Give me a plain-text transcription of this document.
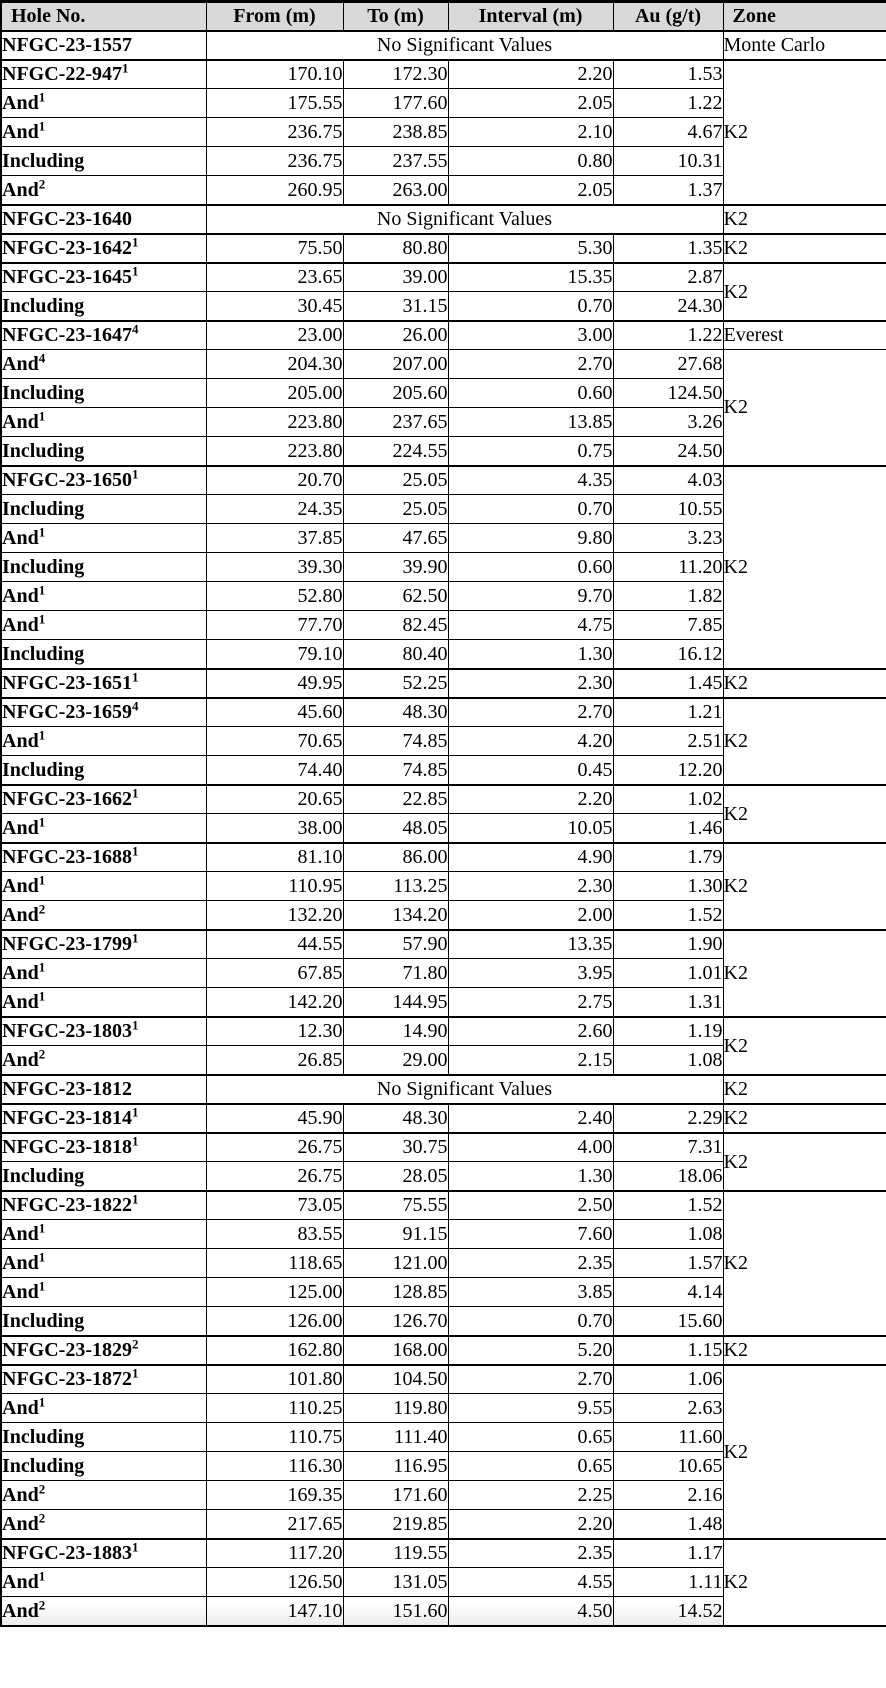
Hole No.	From (m)	To (m)	Interval (m)	Au (g/t)	Zone
NFGC-23-1557	No Significant Values				Monte Carlo
NFGC-$22-947^1$	170.10	172.30	2.20	1.53	K2
And$^1$	175.55	177.60	2.05	1.22	
And$^1$	236.75	238.85	2.10	4.67	
Including	236.75	237.55	0.80	10.31	
And$^2$	260.95	263.00	2.05	1.37	
NFGC-23-1640	No Significant Values				K2
NFGC-23-1642$^1$	75.50	80.80	5.30	1.35	K2
NFGC-23-1645$^1$	23.65	39.00	15.35	2.87	K2
Including	30.45	31.15	0.70	24.30	
NFGC-23-1647$^4$	23.00	26.00	3.00	1.22	Everest
And$^4$	204.30	207.00	2.70	27.68	K2
Including	205.00	205.60	0.60	124.50	
And$^1$	223.80	237.65	13.85	3.26	
Including	223.80	224.55	0.75	24.50	
NFGC-23-1650$^1$	20.70	25.05	4.35	4.03	K2
Including	24.35	25.05	0.70	10.55	
And$^1$	37.85	47.65	9.80	3.23	
Including	39.30	39.90	0.60	11.20	
And$^1$	52.80	62.50	9.70	1.82	
And$^1$	77.70	82.45	4.75	7.85	
Including	79.10	80.40	1.30	16.12	
NFGC-23-1651$^1$	49.95	52.25	2.30	1.45	K2
NFGC-23-1659$^4$	45.60	48.30	2.70	1.21	K2
And$^1$	70.65	74.85	4.20	2.51	
Including	74.40	74.85	0.45	12.20	
NFGC-23-1662$^1$	20.65	22.85	2.20	1.02	K2
And$^1$	38.00	48.05	10.05	1.46	
NFGC-23-1688$^1$	81.10	86.00	4.90	1.79	K2
And$^1$	110.95	113.25	2.30	1.30	
And$^2$	132.20	134.20	2.00	1.52	
NFGC-23-1799$^1$	44.55	57.90	13.35	1.90	K2
And$^1$	67.85	71.80	3.95	1.01	
And$^1$	142.20	144.95	2.75	1.31	
NFGC-23-1803$^1$	12.30	14.90	2.60	1.19	K2
And$^2$	26.85	29.00	2.15	1.08	
NFGC-23-1812	No Significant Values				K2
NFGC-23-1814$^1$	45.90	48.30	2.40	2.29	K2
NFGC-23-1818$^1$	26.75	30.75	4.00	7.31	K2
Including	26.75	28.05	1.30	18.06	
NFGC-23-1822$^1$	73.05	75.55	2.50	1.52	K2
And$^1$	83.55	91.15	7.60	1.08	
And$^1$	118.65	121.00	2.35	1.57	
And$^1$	125.00	128.85	3.85	4.14	
Including	126.00	126.70	0.70	15.60	
NFGC-23-1829$^2$	162.80	168.00	5.20	1.15	K2
NFGC-23-1872$^1$	101.80	104.50	2.70	1.06	K2
And$^1$	110.25	119.80	9.55	2.63	
Including	110.75	111.40	0.65	11.60	
Including	116.30	116.95	0.65	10.65	
And$^2$	169.35	171.60	2.25	2.16	
And$^2$	217.65	219.85	2.20	1.48	
NFGC-23-1883$^1$	117.20	119.55	2.35	1.17	K2
And$^1$	126.50	131.05	4.55	1.11	
And$^2$	147.10	151.60	4.50	14.52	
